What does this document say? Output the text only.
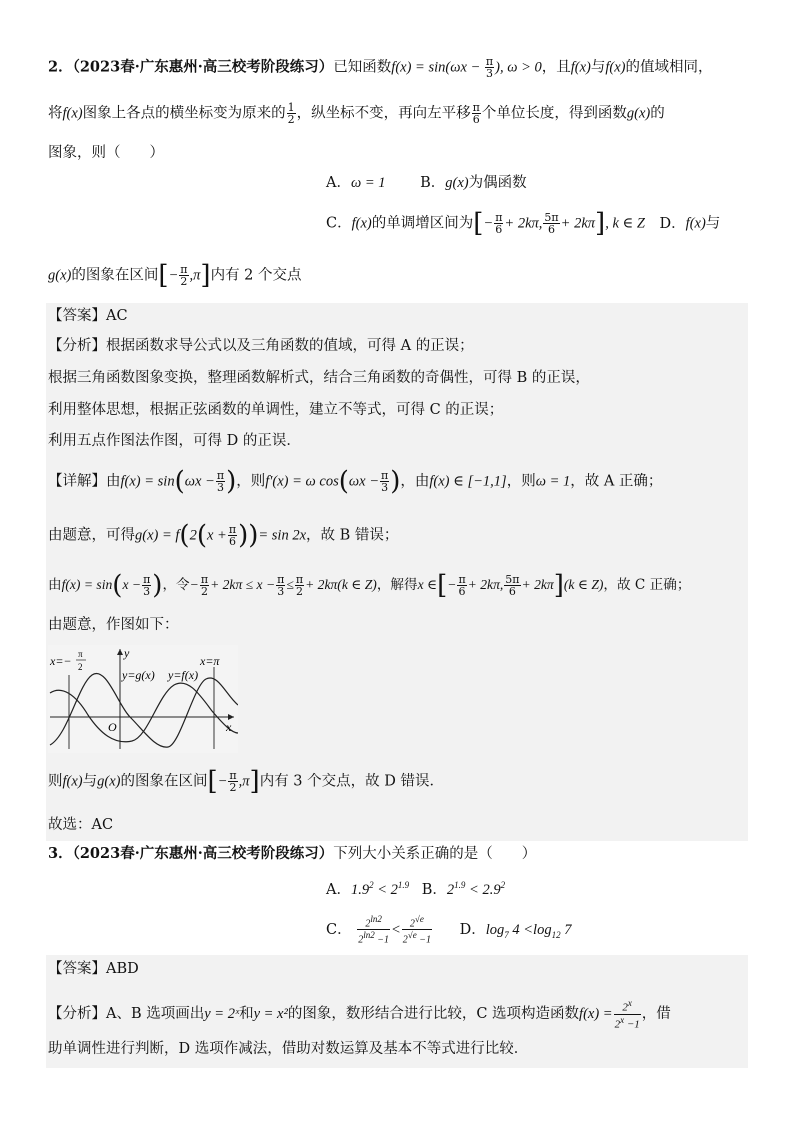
2．（2023春·广东惠州·高三校考阶段练习）已知函数$f(x) = \sin(\omega x - \frac{\pi}{3}$ ), ω > 0，且f(x)与f(x)的值域相同，
将f(x)图象上各点的横坐标变为原来的 $\frac{1}{2}$ ，纵坐标不变，再向左平移 $\frac{\pi}{6}$ 个单位长度，得到函数g(x)的
图象，则（　　）
A．ω = 1 B．g(x)为偶函数
C．f(x)的单调增区间为[− $\frac{\pi}{6} + 2k\pi$, $\frac{5\pi}{6} + 2k\pi$], k ∈ Z D．f(x)与
g(x)的图象在区间[− $\frac{\pi}{2} ,\pi$]内有 2 个交点
【答案】AC
【分析】根据函数求导公式以及三角函数的值域，可得 A 的正误；
根据三角函数图象变换，整理函数解析式，结合三角函数的奇偶性，可得 B 的正误，
利用整体思想，根据正弦函数的单调性，建立不等式，可得 C 的正误；
利用五点作图法作图，可得 D 的正误．
【详解】由$f(x) = \sin(\omega x - \frac{\pi}{3}$ )，则f′(x) = ω $\cos(\omega x - \frac{\pi}{3}$ )，由f(x) ∈ [−1,1]，则ω = 1，故 A 正确；
由题意，可得$g(x) = f(2(x + \frac{\pi}{6}$ ))= sin 2x，故 B 错误；
由$f(x) = \sin(x - \frac{\pi}{3}$ )，令− $\frac{\pi}{2} + 2k\pi \le x - \frac{\pi}{3} \le \frac{\pi}{2} + 2k\pi(k$ ∈ Z)，解得x ∈[− $\frac{\pi}{6} + 2k\pi$, $\frac{5\pi}{6} + 2k\pi](k$ ∈ Z)，故 C 正确；
由题意，作图如下：
x=− π
2	x=π
y
y=g(x) y=f(x)
O	x
则f(x)与g(x)的图象在区间[− $\frac{\pi}{2} ,\pi$]内有 3 个交点，故 D 错误．
故选：AC
3．（2023春·广东惠州·高三校考阶段练习）下列大小关系正确的是（　　）
A．$1.9^2 < 2^{1.9}$ B．$2^{1.9} < 2.9^2$
C． $\frac{2^{ln2}}{2^{ln2} -1} < \frac{2^{√e}}{2^{√e} -1}$ D．$\log_7 4 <\log_{12}$ 7
【答案】ABD
【分析】A、B 选项画出y = 2ˣ和y = x²的图象，数形结合进行比较，C 选项构造函数$f(x) = \frac{2^x}{2^x -1}$ ，借
助单调性进行判断，D 选项作减法，借助对数运算及基本不等式进行比较．
